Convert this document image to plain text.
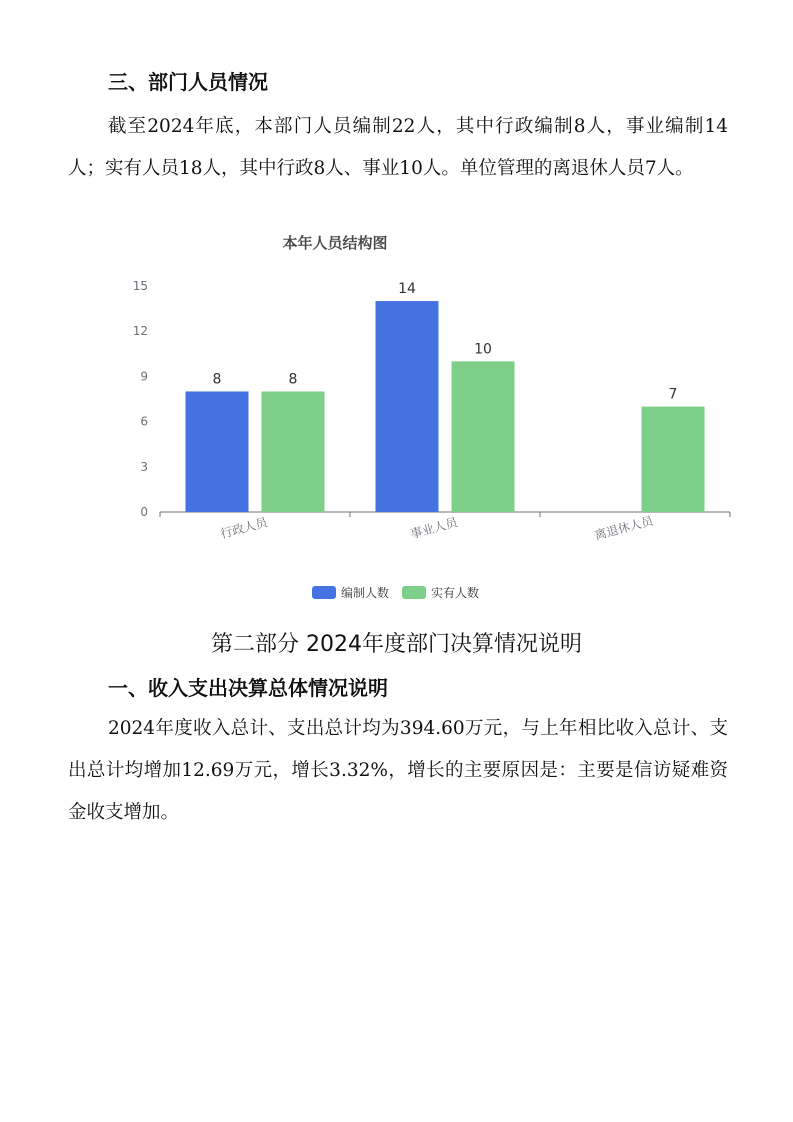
三、部门人员情况

截至2024年底，本部门人员编制22人，其中行政编制8人，事业编制14人；实有人员18人，其中行政8人、事业10人。单位管理的离退休人员7人。

本年人员结构图
0
3
6
9
12
15
8
14
8
10
7
行政人员	事业人员	离退休人员
编制人数	实有人数
第二部分 2024年度部门决算情况说明
一、收入支出决算总体情况说明

2024年度收入总计、支出总计均为394.60万元，与上年相比收入总计、支出总计均增加12.69万元，增长3.32%，增长的主要原因是：主要是信访疑难资金收支增加。
